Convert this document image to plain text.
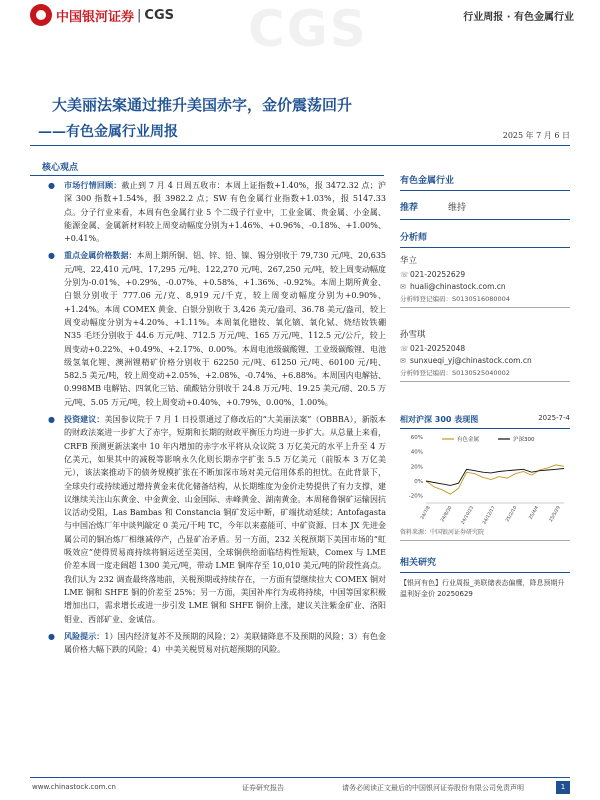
中国银河证券 | CGS	行业周报 · 有色金属行业
CGS
大美丽法案通过推升美国赤字，金价震荡回升
——有色金属行业周报	2025 年 7 月 6 日
核心观点
● 市场行情回顾：截止到 7 月 4 日周五收市：本周上证指数+1.40%，报 3472.32 点；沪深 300 指数+1.54%，报 3982.2 点；SW 有色金属行业指数+1.03%，报 5147.33 点。分子行业来看，本周有色金属行业 5 个二级子行业中，工业金属、贵金属、小金属、能源金属、金属新材料较上周变动幅度分别为+1.46%、+0.96%、-0.18%、+1.00%、+0.41%。
● 重点金属价格数据：本周上期所铜、铝、锌、铅、镍、锡分别收于 79,730 元/吨、20,635 元/吨、22,410 元/吨、17,295 元/吨、122,270 元/吨、267,250 元/吨，较上周变动幅度分别为-0.01%、+0.29%、-0.07%、+0.58%、+1.36%、-0.92%。本周上期所黄金、白银分别收于 777.06 元/克、8,919 元/千克，较上周变动幅度分别为+0.90%、+1.24%。本周 COMEX 黄金、白银分别收于 3,426 美元/盎司、36.78 美元/盎司，较上周变动幅度分别为+4.20%、+1.11%。本周氧化镨钕、氧化镝、氧化铽、烧结钕铁硼 N35 毛坯分别收于 44.6 万元/吨、712.5 万元/吨、165 万元/吨、112.5 元/公斤，较上周变动+0.22%、+0.49%、+2.17%、0.00%。本周电池级碳酸锂、工业级碳酸锂、电池级氢氧化锂、澳洲锂精矿价格分别收于 62250 元/吨、61250 元/吨、60100 元/吨、582.5 美元/吨，较上周变动+2.05%、+2.08%、-0.74%、+6.88%。本周国内电解钴、0.998MB 电解钴、四氧化三钴、硫酸钴分别收于 24.8 万元/吨、19.25 美元/磅、20.5 万元/吨、5.05 万元/吨，较上周变动+0.40%、+0.79%、0.00%、1.00%。
● 投资建议：美国参议院于 7 月 1 日投票通过了修改后的“大美丽法案”（OBBBA），新版本的财政法案进一步扩大了赤字，短期和长期的财政平衡压力均进一步扩大。从总量上来看，CRFB 预测更新法案中 10 年内增加的赤字水平将从众议院 3 万亿美元的水平上升至 4 万亿美元，如果其中的减税等影响永久化则长期赤字扩张 5.5 万亿美元（前版本 3 万亿美元），该法案推动下的债务规模扩张在不断加深市场对美元信用体系的担忧。在此背景下，全球央行或持续通过增持黄金来优化储备结构，从长期维度为金价走势提供了有力支撑，建议继续关注山东黄金、中金黄金、山金国际、赤峰黄金、湖南黄金。本周秘鲁铜矿运输因抗议活动受阻，Las Bambas 和 Constancia 铜矿发运中断，矿端扰动延续；Antofagasta 与中国冶炼厂年中谈判敲定 0 美元/干吨 TC，今年以来嘉能可、中矿资源、日本 JX 先进金属公司的铜冶炼厂相继减停产，凸显矿冶矛盾。另一方面，232 关税预期下美国市场的“虹吸效应”使得贸易商持续将铜运送至美国，全球铜供给面临结构性短缺，Comex 与 LME 价差本周一度走阔超 1300 美元/吨，带动 LME 铜库存至 10,010 美元/吨的阶段性高点。我们认为 232 调查最终落地前，关税预期或持续存在，一方面有望继续拉大 COMEX 铜对 LME 铜和 SHFE 铜的价差至 25%；另一方面，美国补库行为或将持续，中国等国家积极增加出口，需求增长或进一步引发 LME 铜和 SHFE 铜价上涨，建议关注紫金矿业、洛阳钼业、西部矿业、金诚信。
● 风险提示：1）国内经济复苏不及预期的风险；2）美联储降息不及预期的风险；3）有色金属价格大幅下跌的风险；4）中美关税贸易对抗超预期的风险。
有色金属行业
推荐	维持
分析师
华立
☏ 021-20252629
✉ huali@chinastock.com.cn
分析师登记编码：S0130516080004
孙雪琪
☏ 021-20252048
✉ sunxueqi_yj@chinastock.com.cn
分析师登记编码：S0130525040002
相对沪深 300 表现图	2025-7-4
60%
40%
20%
0%
-20%
24/7/8 24/8/30 24/10/23 24/12/17 25/2/10 25/4/4 25/5/29
有色金属	沪深300
资料来源：中国银河证券研究院
相关研究
【银河有色】行业周报_美联储表态偏鹰，降息预期升温利好金价 20250629
www.chinastock.com.cn	证券研究报告	请务必阅读正文最后的中国银河证券股份有限公司免责声明	1
